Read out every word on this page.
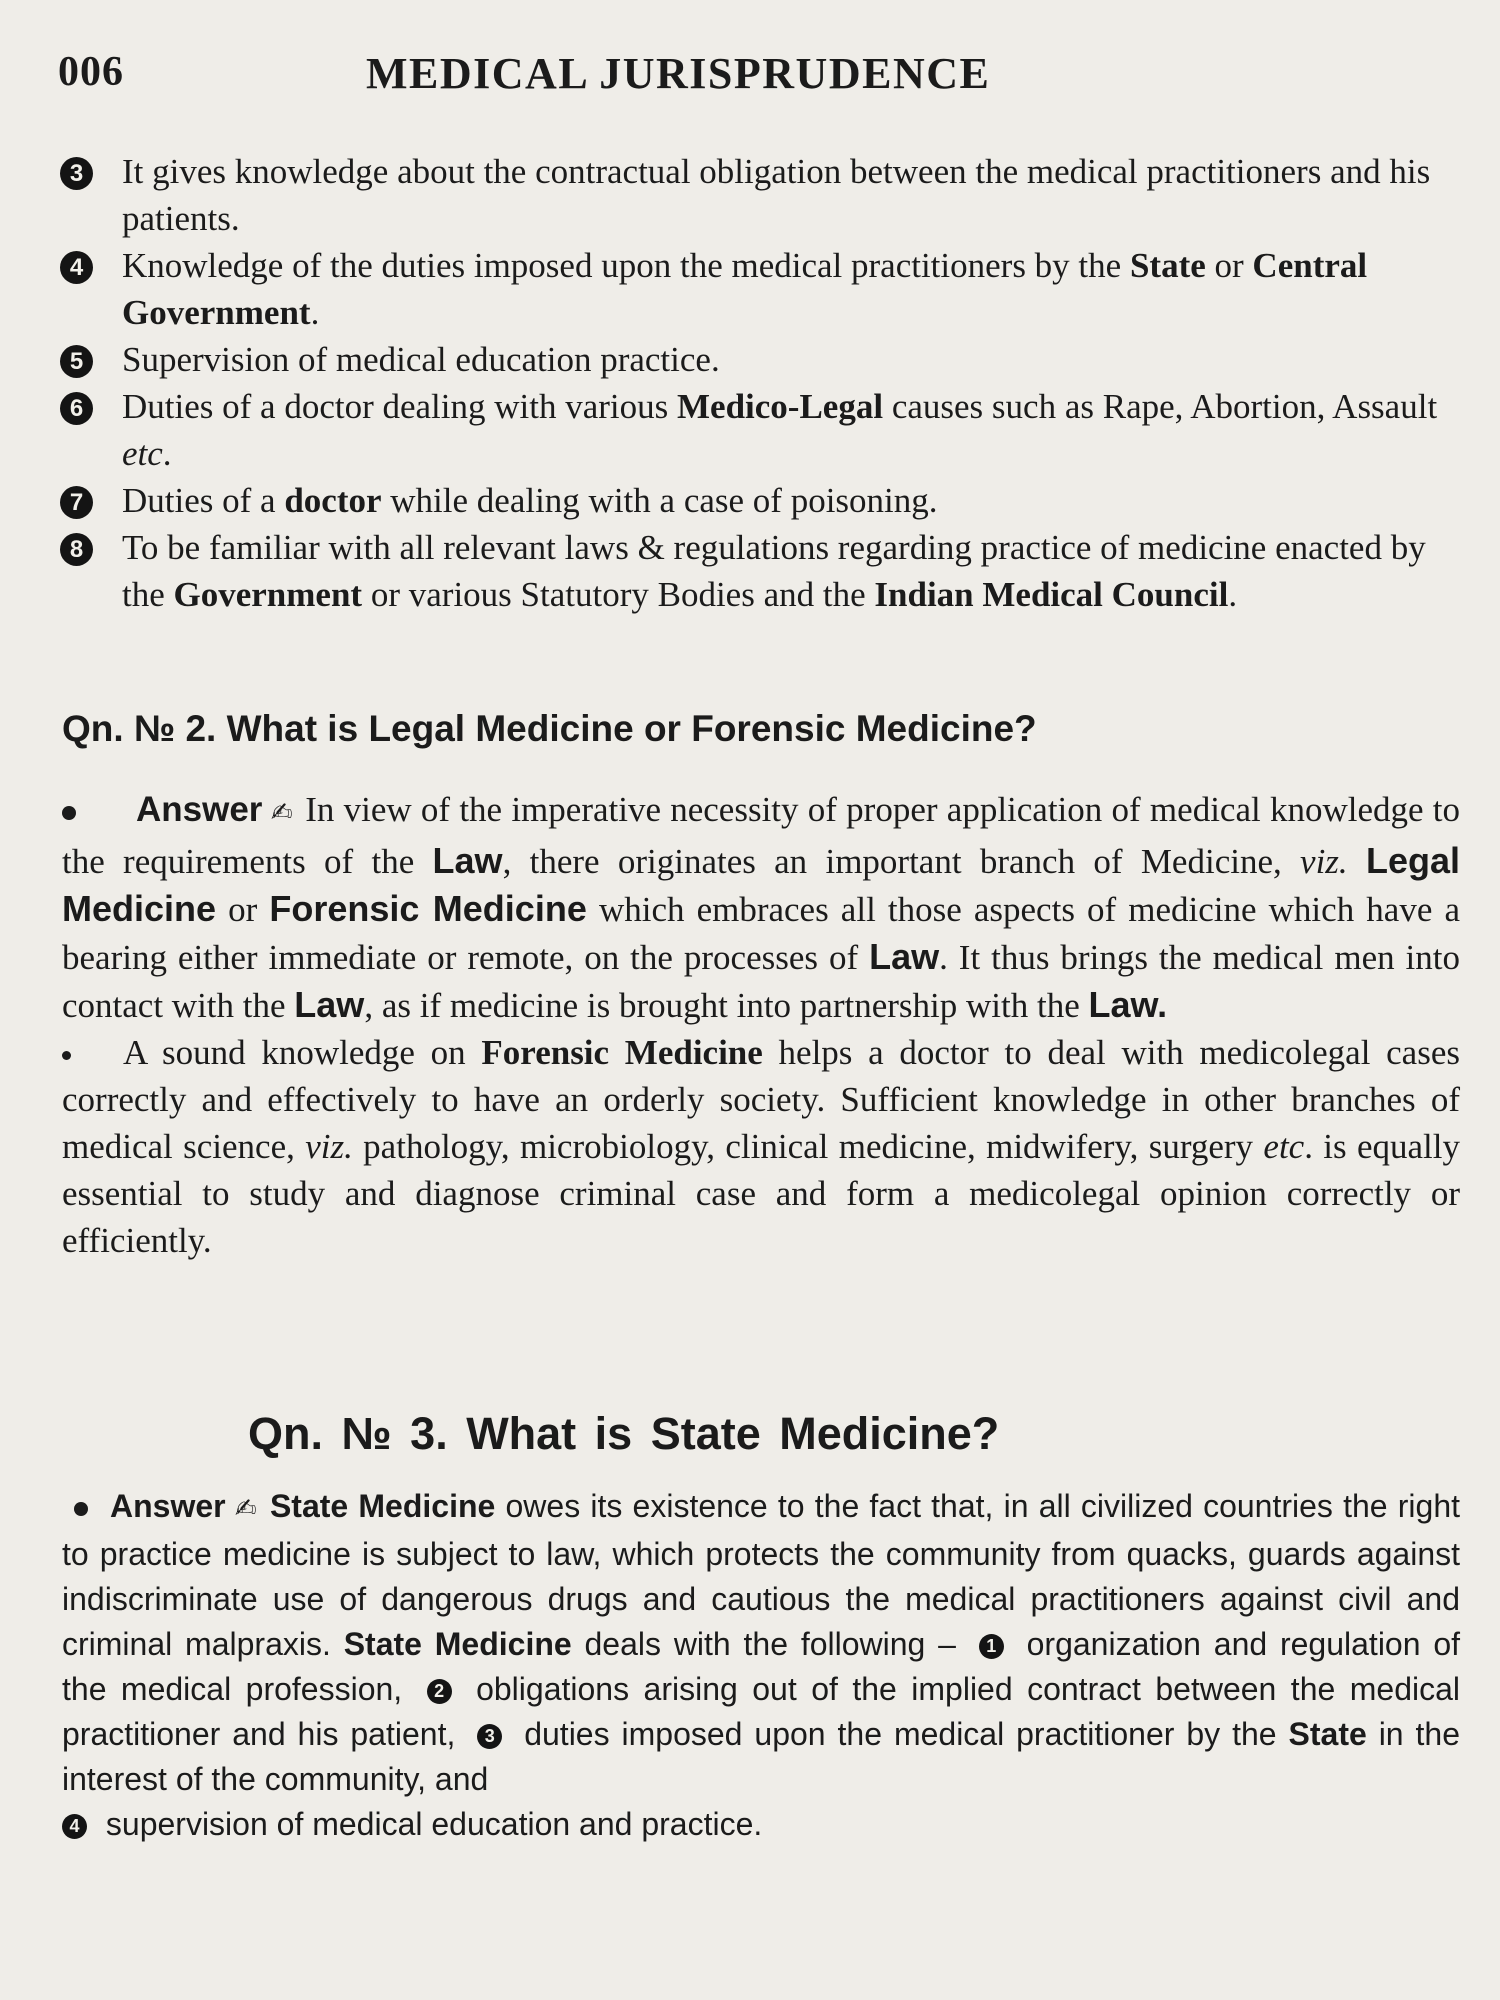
006	MEDICAL JURISPRUDENCE
3 It gives knowledge about the contractual obligation between the medical practitioners and his patients.
4 Knowledge of the duties imposed upon the medical practitioners by the State or Central Government.
5 Supervision of medical education practice.
6 Duties of a doctor dealing with various Medico-Legal causes such as Rape, Abortion, Assault etc.
7 Duties of a doctor while dealing with a case of poisoning.
8 To be familiar with all relevant laws & regulations regarding practice of medicine enacted by the Government or various Statutory Bodies and the Indian Medical Council.
Qn. № 2. What is Legal Medicine or Forensic Medicine?

Answer ✍ In view of the imperative necessity of proper application of medical knowledge to the requirements of the Law, there originates an important branch of Medicine, viz. Legal Medicine or Forensic Medicine which embraces all those aspects of medicine which have a bearing either immediate or remote, on the processes of Law. It thus brings the medical men into contact with the Law, as if medicine is brought into partnership with the Law.

A sound knowledge on Forensic Medicine helps a doctor to deal with medicolegal cases correctly and effectively to have an orderly society. Sufficient knowledge in other branches of medical science, viz. pathology, microbiology, clinical medicine, midwifery, surgery etc. is equally essential to study and diagnose criminal case and form a medicolegal opinion correctly or efficiently.

Qn. № 3. What is State Medicine?

Answer ✍ State Medicine owes its existence to the fact that, in all civilized countries the right to practice medicine is subject to law, which protects the community from quacks, guards against indiscriminate use of dangerous drugs and cautious the medical practitioners against civil and criminal malpraxis. State Medicine deals with the following – 1 organization and regulation of the medical profession, 2 obligations arising out of the implied contract between the medical practitioner and his patient, 3 duties imposed upon the medical practitioner by the State in the interest of the community, and
4 supervision of medical education and practice.
